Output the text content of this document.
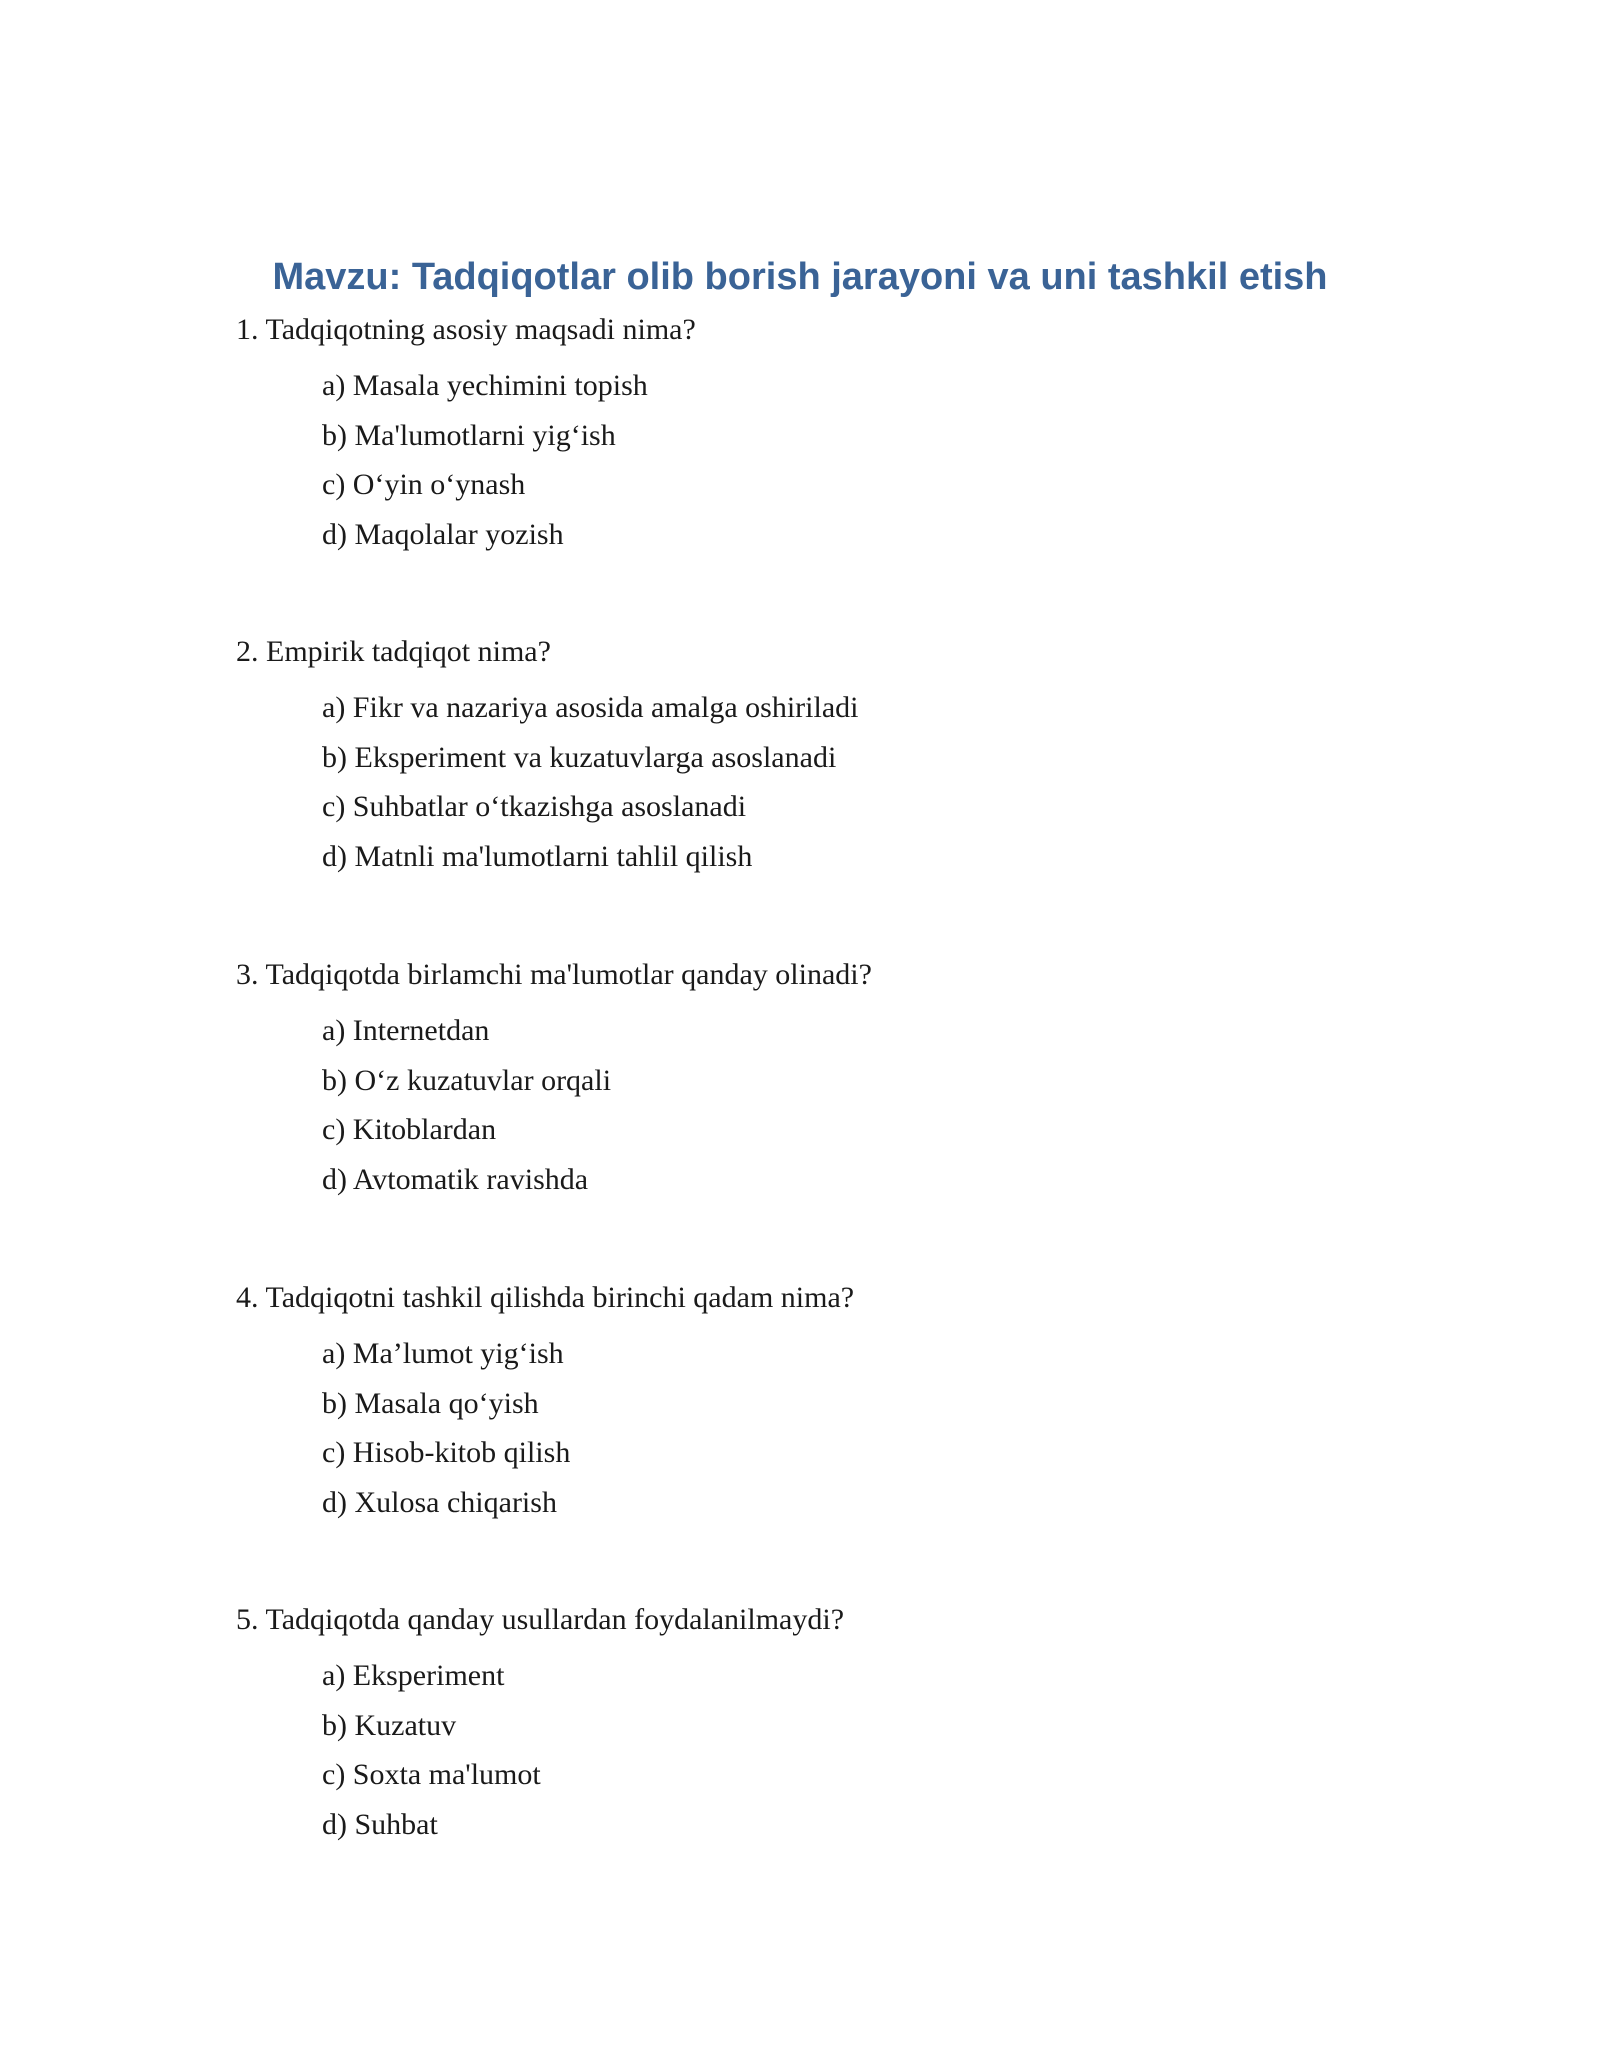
Mavzu: Tadqiqotlar olib borish jarayoni va uni tashkil etish
1. Tadqiqotning asosiy maqsadi nima?
a) Masala yechimini topish
b) Ma'lumotlarni yig‘ish
c) O‘yin o‘ynash
d) Maqolalar yozish
2. Empirik tadqiqot nima?
a) Fikr va nazariya asosida amalga oshiriladi
b) Eksperiment va kuzatuvlarga asoslanadi
c) Suhbatlar o‘tkazishga asoslanadi
d) Matnli ma'lumotlarni tahlil qilish
3. Tadqiqotda birlamchi ma'lumotlar qanday olinadi?
a) Internetdan
b) O‘z kuzatuvlar orqali
c) Kitoblardan
d) Avtomatik ravishda
4. Tadqiqotni tashkil qilishda birinchi qadam nima?
a) Ma’lumot yig‘ish
b) Masala qo‘yish
c) Hisob-kitob qilish
d) Xulosa chiqarish
5. Tadqiqotda qanday usullardan foydalanilmaydi?
a) Eksperiment
b) Kuzatuv
c) Soxta ma'lumot
d) Suhbat
